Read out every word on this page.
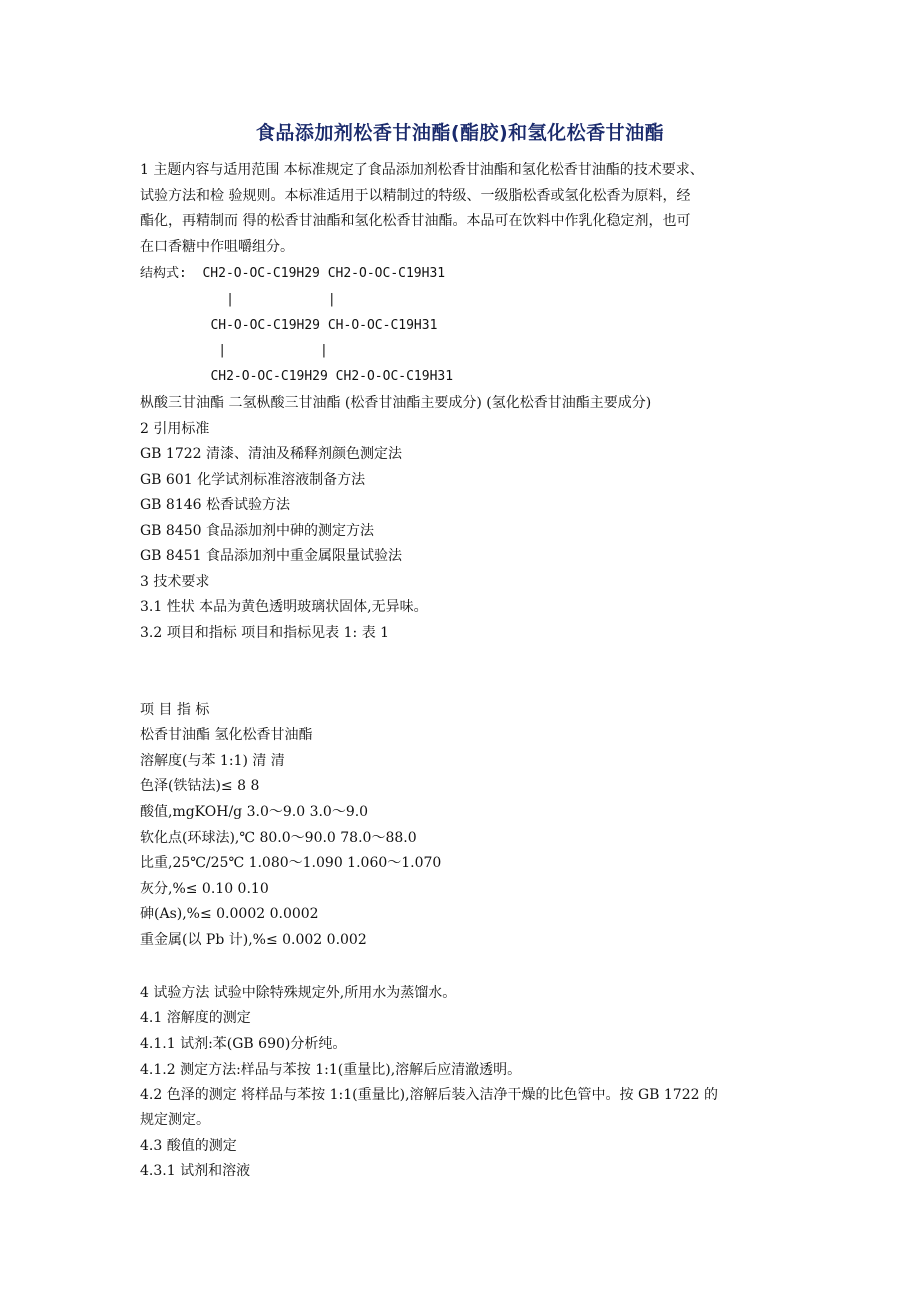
食品添加剂松香甘油酯(酯胶)和氢化松香甘油酯
1 主题内容与适用范围 本标准规定了食品添加剂松香甘油酯和氢化松香甘油酯的技术要求、
试验方法和检 验规则。本标准适用于以精制过的特级、一级脂松香或氢化松香为原料，经
酯化，再精制而 得的松香甘油酯和氢化松香甘油酯。本品可在饮料中作乳化稳定剂，也可
在口香糖中作咀嚼组分。
结构式:  CH2-O-OC-C19H29 CH2-O-OC-C19H31
|            |
CH-O-OC-C19H29 CH-O-OC-C19H31
|            |
CH2-O-OC-C19H29 CH2-O-OC-C19H31
枞酸三甘油酯 二氢枞酸三甘油酯 (松香甘油酯主要成分) (氢化松香甘油酯主要成分)
2 引用标准
GB 1722 清漆、清油及稀释剂颜色测定法
GB 601 化学试剂标准溶液制备方法
GB 8146 松香试验方法
GB 8450 食品添加剂中砷的测定方法
GB 8451 食品添加剂中重金属限量试验法
3 技术要求
3.1 性状 本品为黄色透明玻璃状固体,无异味。
3.2 项目和指标 项目和指标见表 1: 表 1
项 目 指 标
松香甘油酯 氢化松香甘油酯
溶解度(与苯 1:1) 清 清
色泽(铁钴法)≤ 8 8
酸值,mgKOH/g 3.0～9.0 3.0～9.0
软化点(环球法),℃ 80.0～90.0 78.0～88.0
比重,25℃/25℃ 1.080～1.090 1.060～1.070
灰分,%≤ 0.10 0.10
砷(As),%≤ 0.0002 0.0002
重金属(以 Pb 计),%≤ 0.002 0.002
4 试验方法 试验中除特殊规定外,所用水为蒸馏水。
4.1 溶解度的测定
4.1.1 试剂:苯(GB 690)分析纯。
4.1.2 测定方法:样品与苯按 1:1(重量比),溶解后应清澈透明。
4.2 色泽的测定 将样品与苯按 1:1(重量比),溶解后装入洁净干燥的比色管中。按 GB 1722 的
规定测定。
4.3 酸值的测定
4.3.1 试剂和溶液
